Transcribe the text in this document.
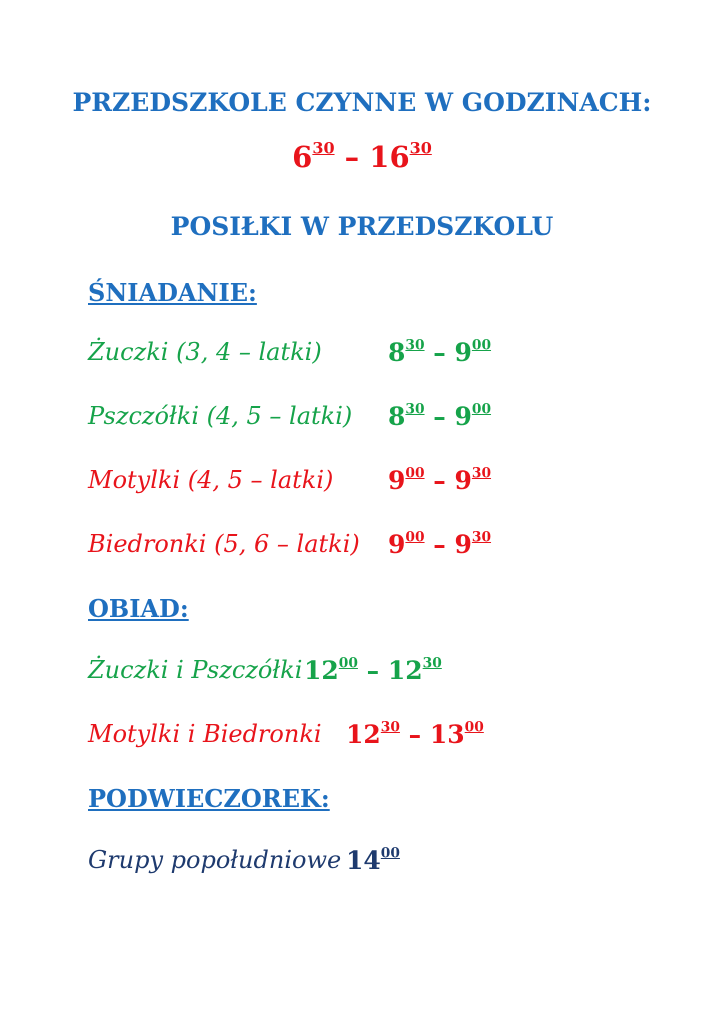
PRZEDSZKOLE CZYNNE W GODZINACH:
$6^{30} - 16^{30}$
POSIŁKI W PRZEDSZKOLU
ŚNIADANIE:
Żuczki (3, 4 – latki)	$8^{30} - 9^{00}$
Pszczółki (4, 5 – latki) $8^{30} - 9^{00}$
Motylki (4, 5 – latki) $9^{00} - 9^{30}$
Biedronki (5, 6 – latki) $9^{00} - 9^{30}$
OBIAD:
Żuczki i Pszczółki $12^{00} - 12^{30}$
Motylki i Biedronki $12^{30} - 13^{00}$
PODWIECZOREK:
Grupy popołudniowe $14^{00}$
